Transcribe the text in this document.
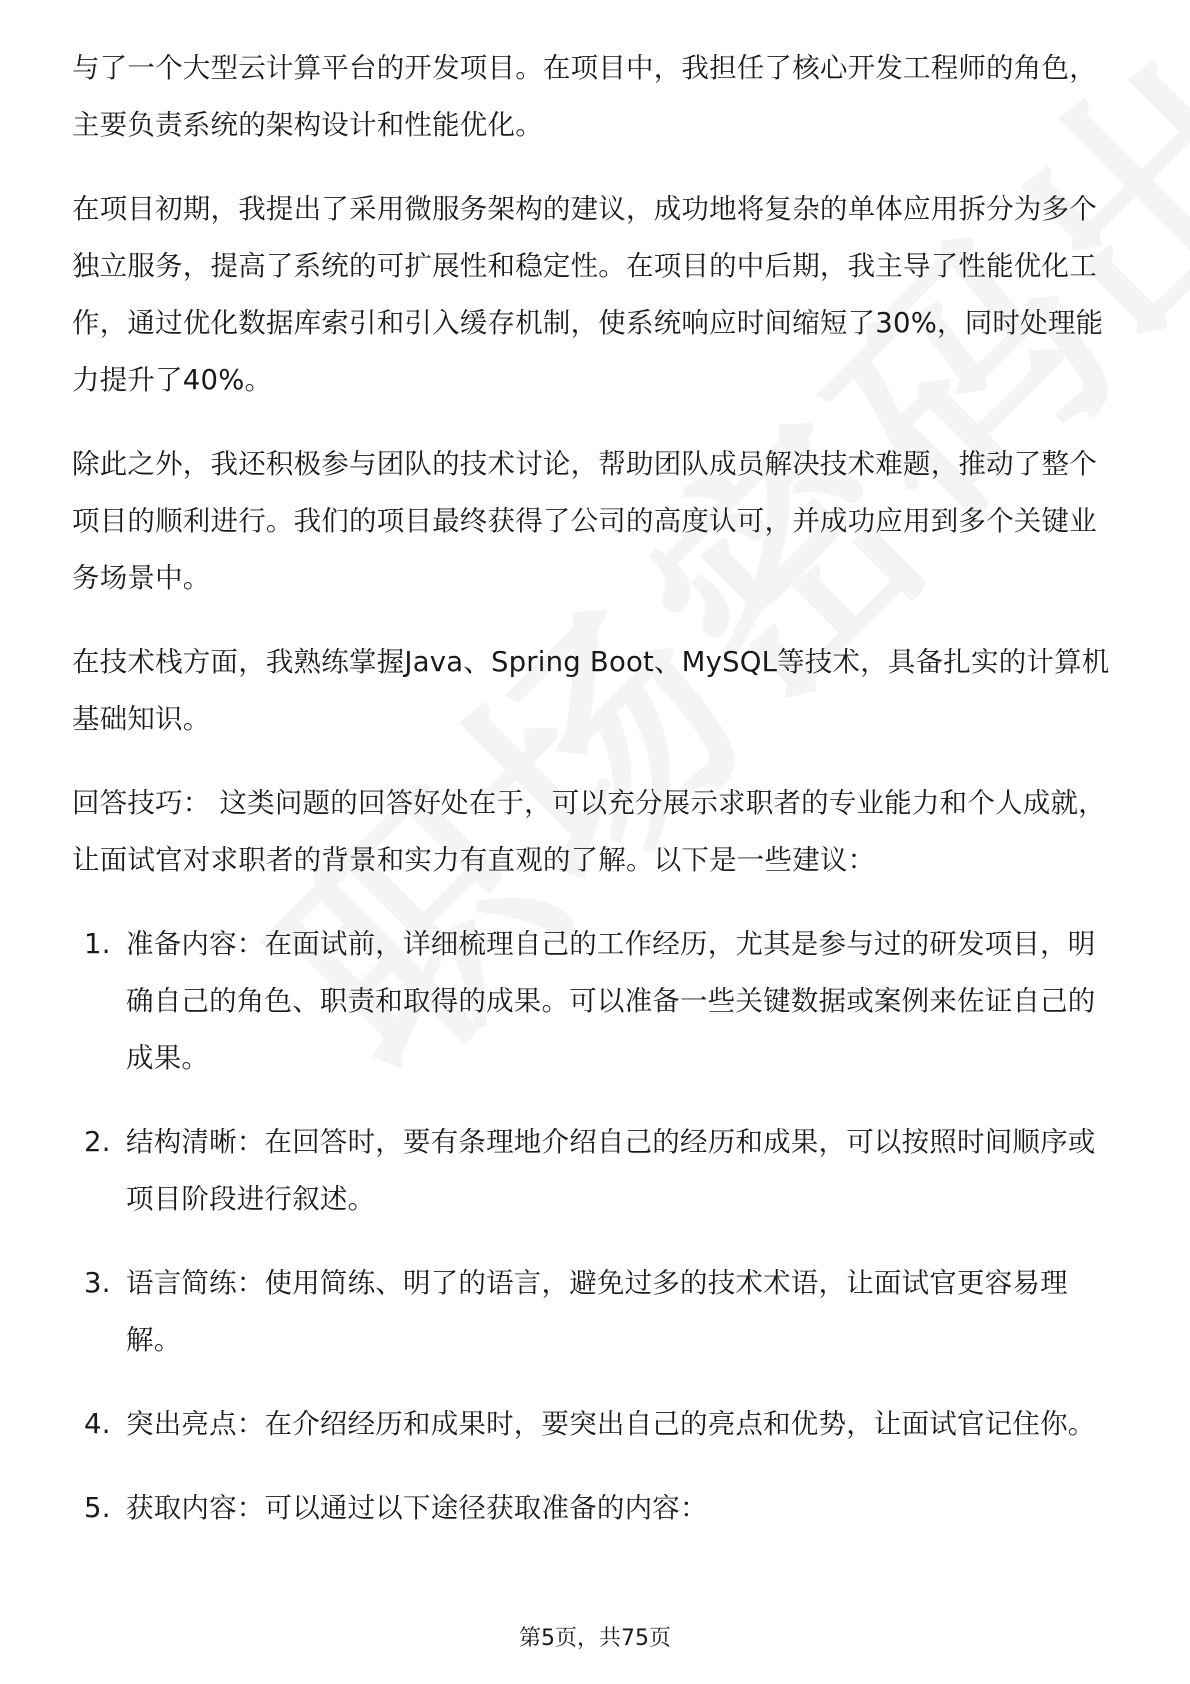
与了一个大型云计算平台的开发项目。在项目中，我担任了核心开发工程师的角色，主要负责系统的架构设计和性能优化。

在项目初期，我提出了采用微服务架构的建议，成功地将复杂的单体应用拆分为多个独立服务，提高了系统的可扩展性和稳定性。在项目的中后期，我主导了性能优化工作，通过优化数据库索引和引入缓存机制，使系统响应时间缩短了30%，同时处理能力提升了40%。

除此之外，我还积极参与团队的技术讨论，帮助团队成员解决技术难题，推动了整个项目的顺利进行。我们的项目最终获得了公司的高度认可，并成功应用到多个关键业务场景中。

在技术栈方面，我熟练掌握Java、Spring Boot、MySQL等技术，具备扎实的计算机基础知识。

回答技巧： 这类问题的回答好处在于，可以充分展示求职者的专业能力和个人成就，让面试官对求职者的背景和实力有直观的了解。以下是一些建议：

1. 准备内容：在面试前，详细梳理自己的工作经历，尤其是参与过的研发项目，明确自己的角色、职责和取得的成果。可以准备一些关键数据或案例来佐证自己的成果。
2. 结构清晰：在回答时，要有条理地介绍自己的经历和成果，可以按照时间顺序或项目阶段进行叙述。
3. 语言简练：使用简练、明了的语言，避免过多的技术术语，让面试官更容易理解。
4. 突出亮点：在介绍经历和成果时，要突出自己的亮点和优势，让面试官记住你。
5. 获取内容：可以通过以下途径获取准备的内容：
第5页，共75页
